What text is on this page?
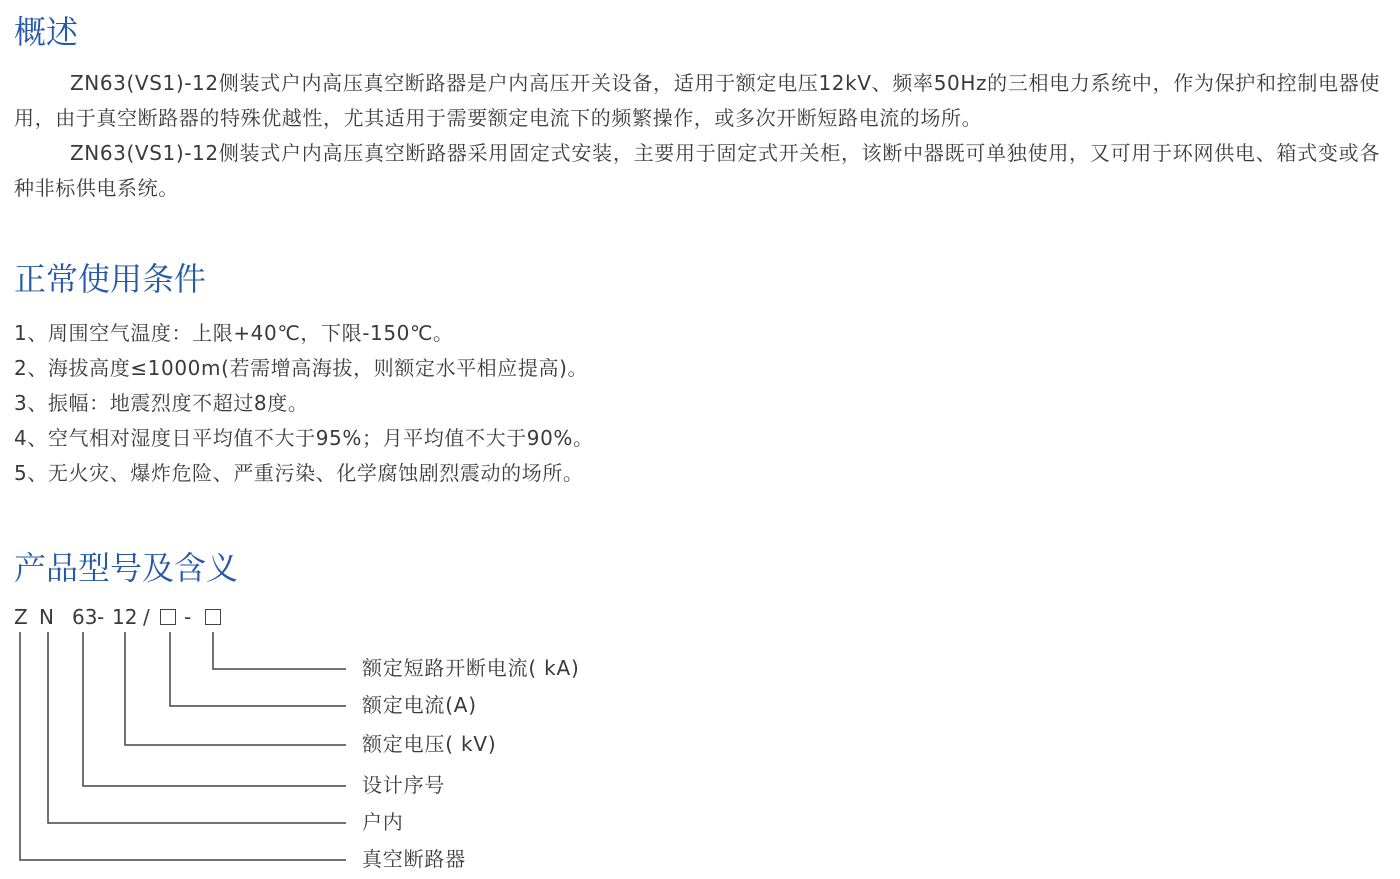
概述

ZN63(VS1)-12侧装式户内高压真空断路器是户内高压开关设备，适用于额定电压12kV、频率50Hz的三相电力系统中，作为保护和控制电器使用，由于真空断路器的特殊优越性，尤其适用于需要额定电流下的频繁操作，或多次开断短路电流的场所。

ZN63(VS1)-12侧装式户内高压真空断路器采用固定式安装，主要用于固定式开关柜，该断中器既可单独使用，又可用于环网供电、箱式变或各种非标供电系统。

正常使用条件

1、周围空气温度：上限+40℃，下限-150℃。

2、海拔高度≤1000m(若需增高海拔，则额定水平相应提高)。

3、振幅：地震烈度不超过8度。

4、空气相对湿度日平均值不大于95%；月平均值不大于90%。

5、无火灾、爆炸危险、严重污染、化学腐蚀剧烈震动的场所。

产品型号及含义
Z N 63 - 12 / -
额定短路开断电流( kA)
额定电流(A)
额定电压( kV)
设计序号
户内
真空断路器
